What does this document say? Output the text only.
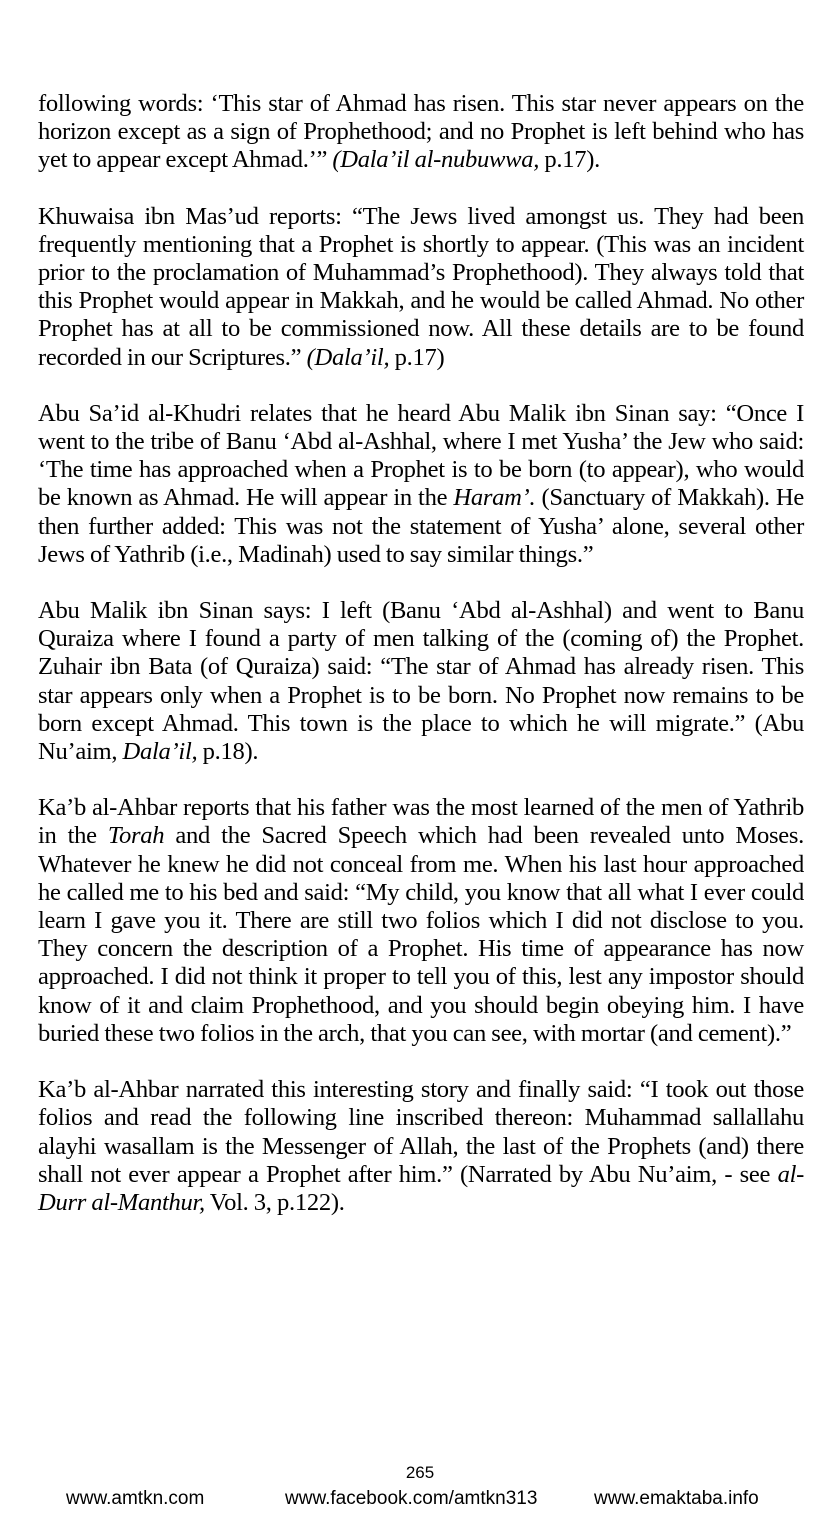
following words: ‘This star of Ahmad has risen. This star never appears on the horizon except as a sign of Prophethood; and no Prophet is left behind who has yet to appear except Ahmad.’” (Dala’il al-nubuwwa, p.17).

Khuwaisa ibn Mas’ud reports: “The Jews lived amongst us. They had been frequently mentioning that a Prophet is shortly to appear. (This was an incident prior to the proclamation of Muhammad’s Prophethood). They always told that this Prophet would appear in Makkah, and he would be called Ahmad. No other Prophet has at all to be commissioned now. All these details are to be found recorded in our Scriptures.” (Dala’il, p.17)

Abu Sa’id al-Khudri relates that he heard Abu Malik ibn Sinan say: “Once I went to the tribe of Banu ‘Abd al-Ashhal, where I met Yusha’ the Jew who said: ‘The time has approached when a Prophet is to be born (to appear), who would be known as Ahmad. He will appear in the Haram’. (Sanctuary of Makkah). He then further added: This was not the statement of Yusha’ alone, several other Jews of Yathrib (i.e., Madinah) used to say similar things.”

Abu Malik ibn Sinan says: I left (Banu ‘Abd al-Ashhal) and went to Banu Quraiza where I found a party of men talking of the (coming of) the Prophet. Zuhair ibn Bata (of Quraiza) said: “The star of Ahmad has already risen. This star appears only when a Prophet is to be born. No Prophet now remains to be born except Ahmad. This town is the place to which he will migrate.” (Abu Nu’aim, Dala’il, p.18).

Ka’b al-Ahbar reports that his father was the most learned of the men of Yathrib in the Torah and the Sacred Speech which had been revealed unto Moses. Whatever he knew he did not conceal from me. When his last hour approached he called me to his bed and said: “My child, you know that all what I ever could learn I gave you it. There are still two folios which I did not disclose to you. They concern the description of a Prophet. His time of appearance has now approached. I did not think it proper to tell you of this, lest any impostor should know of it and claim Prophethood, and you should begin obeying him. I have buried these two folios in the arch, that you can see, with mortar (and cement).”

Ka’b al-Ahbar narrated this interesting story and finally said: “I took out those folios and read the following line inscribed thereon: Muhammad sallallahu alayhi wasallam is the Messenger of Allah, the last of the Prophets (and) there shall not ever appear a Prophet after him.” (Narrated by Abu Nu’aim, - see al-Durr al-Manthur, Vol. 3, p.122).

265
www.amtkn.com	www.facebook.com/amtkn313	www.emaktaba.info
